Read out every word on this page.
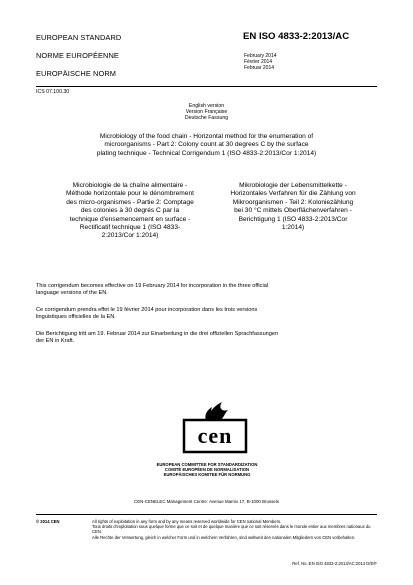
EUROPEAN STANDARD
NORME EUROPÉENNE
EUROPÄISCHE NORM
EN ISO 4833-2:2013/AC
February 2014
Février 2014
Februar 2014
ICS 07.100.30
English version
Version Française
Deutsche Fassung
Microbiology of the food chain - Horizontal method for the enumeration of
microorganisms - Part 2: Colony count at 30 degrees C by the surface
plating technique - Technical Corrigendum 1 (ISO 4833-2:2013/Cor 1:2014)
Microbiologie de la chaîne alimentaire -
Méthode horizontale pour le dénombrement
des micro-organismes - Partie 2: Comptage
des colonies à 30 degrés C par la
technique d'ensemencement en surface -
Rectificatif technique 1 (ISO 4833-
2:2013/Cor 1:2014)
Mikrobiologie der Lebensmittelkette -
Horizontales Verfahren für die Zählung von
Mikroorganismen - Teil 2: Koloniezählung
bei 30 °C mittels Oberflächenverfahren -
Berichtigung 1 (ISO 4833-2:2013/Cor
1:2014)
This corrigendum becomes effective on 19 February 2014 for incorporation in the three official
language versions of the EN.
Ce corrigendum prendra effet le 19 février 2014 pour incorporation dans les trois versions
linguistiques officielles de la EN.
Die Berichtigung tritt am 19. Februar 2014 zur Einarbeitung in die drei offiziellen Sprachfassungen
der EN in Kraft.
cen
EUROPEAN COMMITTEE FOR STANDARDIZATION
COMITÉ EUROPÉEN DE NORMALISATION
EUROPÄISCHES KOMITEE FÜR NORMUNG
CEN-CENELEC Management Centre: Avenue Marnix 17, B-1000 Brussels
© 2014 CEN	All rights of exploitation in any form and by any means reserved worldwide for CEN national Members.
Tous droits d'exploitation sous quelque forme que ce soit et de quelque manière que ce soit réservés dans le monde entier aux membres nationaux du CEN.
Alle Rechte der Verwertung, gleich in welcher Form und in welchem Verfahren, sind weltweit den nationalen Mitgliedern von CEN vorbehalten.
Ref. No.:EN ISO 4833-2:2013/AC:2014 D/E/F
